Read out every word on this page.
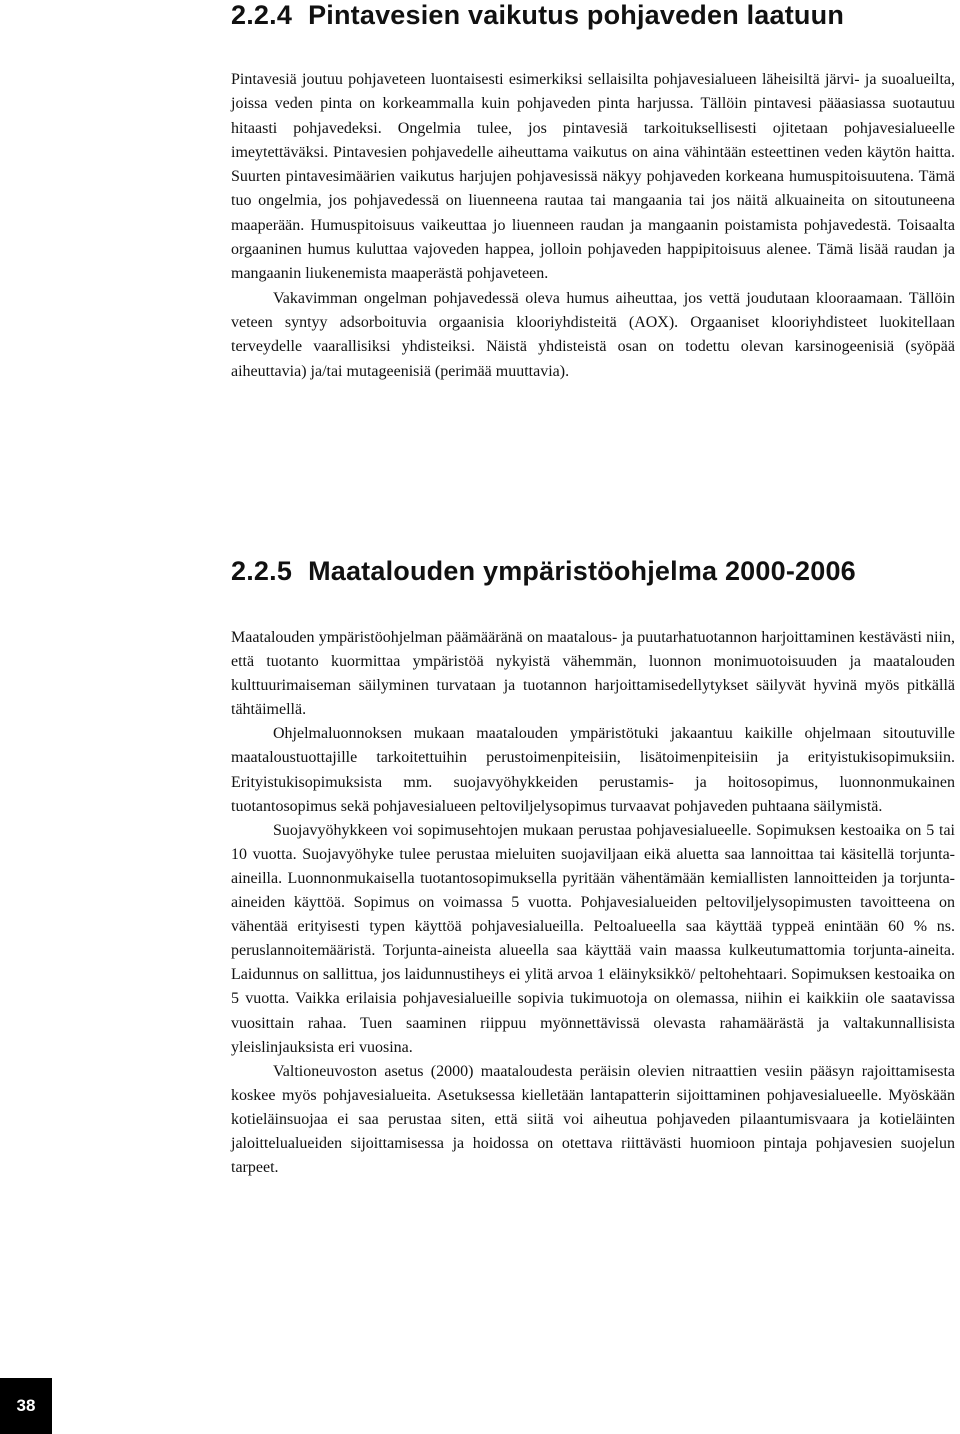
2.2.4 Pintavesien vaikutus pohjaveden laatuun

Pintavesiä joutuu pohjaveteen luontaisesti esimerkiksi sellaisilta pohjavesialueen läheisiltä järvi- ja suoalueilta, joissa veden pinta on korkeammalla kuin pohjaveden pinta harjussa. Tällöin pintavesi pääasiassa suotautuu hitaasti pohjavedeksi. Ongelmia tulee, jos pintavesiä tarkoituksellisesti ojitetaan pohjavesialueelle imeytettäväksi. Pintavesien pohjavedelle aiheuttama vaikutus on aina vähintään esteettinen veden käytön haitta. Suurten pintavesimäärien vaikutus harjujen pohjavesissä näkyy pohjaveden korkeana humuspitoisuutena. Tämä tuo ongelmia, jos pohjavedessä on liuenneena rautaa tai mangaania tai jos näitä alkuaineita on sitoutuneena maaperään. Humuspitoisuus vaikeuttaa jo liuenneen raudan ja mangaanin poistamista pohjavedestä. Toisaalta orgaaninen humus kuluttaa vajoveden happea, jolloin pohjaveden happipitoisuus alenee. Tämä lisää raudan ja mangaanin liukenemista maaperästä pohjaveteen.

Vakavimman ongelman pohjavedessä oleva humus aiheuttaa, jos vettä joudutaan klooraamaan. Tällöin veteen syntyy adsorboituvia orgaanisia klooriyhdisteitä (AOX). Orgaaniset klooriyhdisteet luokitellaan terveydelle vaarallisiksi yhdisteiksi. Näistä yhdisteistä osan on todettu olevan karsinogeenisiä (syöpää aiheuttavia) ja/tai mutageenisiä (perimää muuttavia).

2.2.5 Maatalouden ympäristöohjelma 2000-2006

Maatalouden ympäristöohjelman päämääränä on maatalous- ja puutarhatuotannon harjoittaminen kestävästi niin, että tuotanto kuormittaa ympäristöä nykyistä vähemmän, luonnon monimuotoisuuden ja maatalouden kulttuurimaiseman säilyminen turvataan ja tuotannon harjoittamisedellytykset säilyvät hyvinä myös pitkällä tähtäimellä.

Ohjelmaluonnoksen mukaan maatalouden ympäristötuki jakaantuu kaikille ohjelmaan sitoutuville maataloustuottajille tarkoitettuihin perustoimenpiteisiin, lisätoimenpiteisiin ja erityistukisopimuksiin. Erityistukisopimuksista mm. suojavyöhykkeiden perustamis- ja hoitosopimus, luonnonmukainen tuotantosopimus sekä pohjavesialueen peltoviljelysopimus turvaavat pohjaveden puhtaana säilymistä.

Suojavyöhykkeen voi sopimusehtojen mukaan perustaa pohjavesialueelle. Sopimuksen kestoaika on 5 tai 10 vuotta. Suojavyöhyke tulee perustaa mieluiten suojaviljaan eikä aluetta saa lannoittaa tai käsitellä torjunta-aineilla. Luonnonmukaisella tuotantosopimuksella pyritään vähentämään kemiallisten lannoitteiden ja torjunta-aineiden käyttöä. Sopimus on voimassa 5 vuotta. Pohjavesialueiden peltoviljelysopimusten tavoitteena on vähentää erityisesti typen käyttöä pohjavesialueilla. Peltoalueella saa käyttää typpeä enintään 60 % ns. peruslannoitemääristä. Torjunta-aineista alueella saa käyttää vain maassa kulkeutumattomia torjunta-aineita. Laidunnus on sallittua, jos laidunnustiheys ei ylitä arvoa 1 eläinyksikkö/ peltohehtaari. Sopimuksen kestoaika on 5 vuotta. Vaikka erilaisia pohjavesialueille sopivia tukimuotoja on olemassa, niihin ei kaikkiin ole saatavissa vuosittain rahaa. Tuen saaminen riippuu myönnettävissä olevasta rahamäärästä ja valtakunnallisista yleislinjauksista eri vuosina.

Valtioneuvoston asetus (2000) maataloudesta peräisin olevien nitraattien vesiin pääsyn rajoittamisesta koskee myös pohjavesialueita. Asetuksessa kielletään lantapatterin sijoittaminen pohjavesialueelle. Myöskään kotieläinsuojaa ei saa perustaa siten, että siitä voi aiheutua pohjaveden pilaantumisvaara ja kotieläinten jaloittelualueiden sijoittamisessa ja hoidossa on otettava riittävästi huomioon pintaja pohjavesien suojelun tarpeet.

38
